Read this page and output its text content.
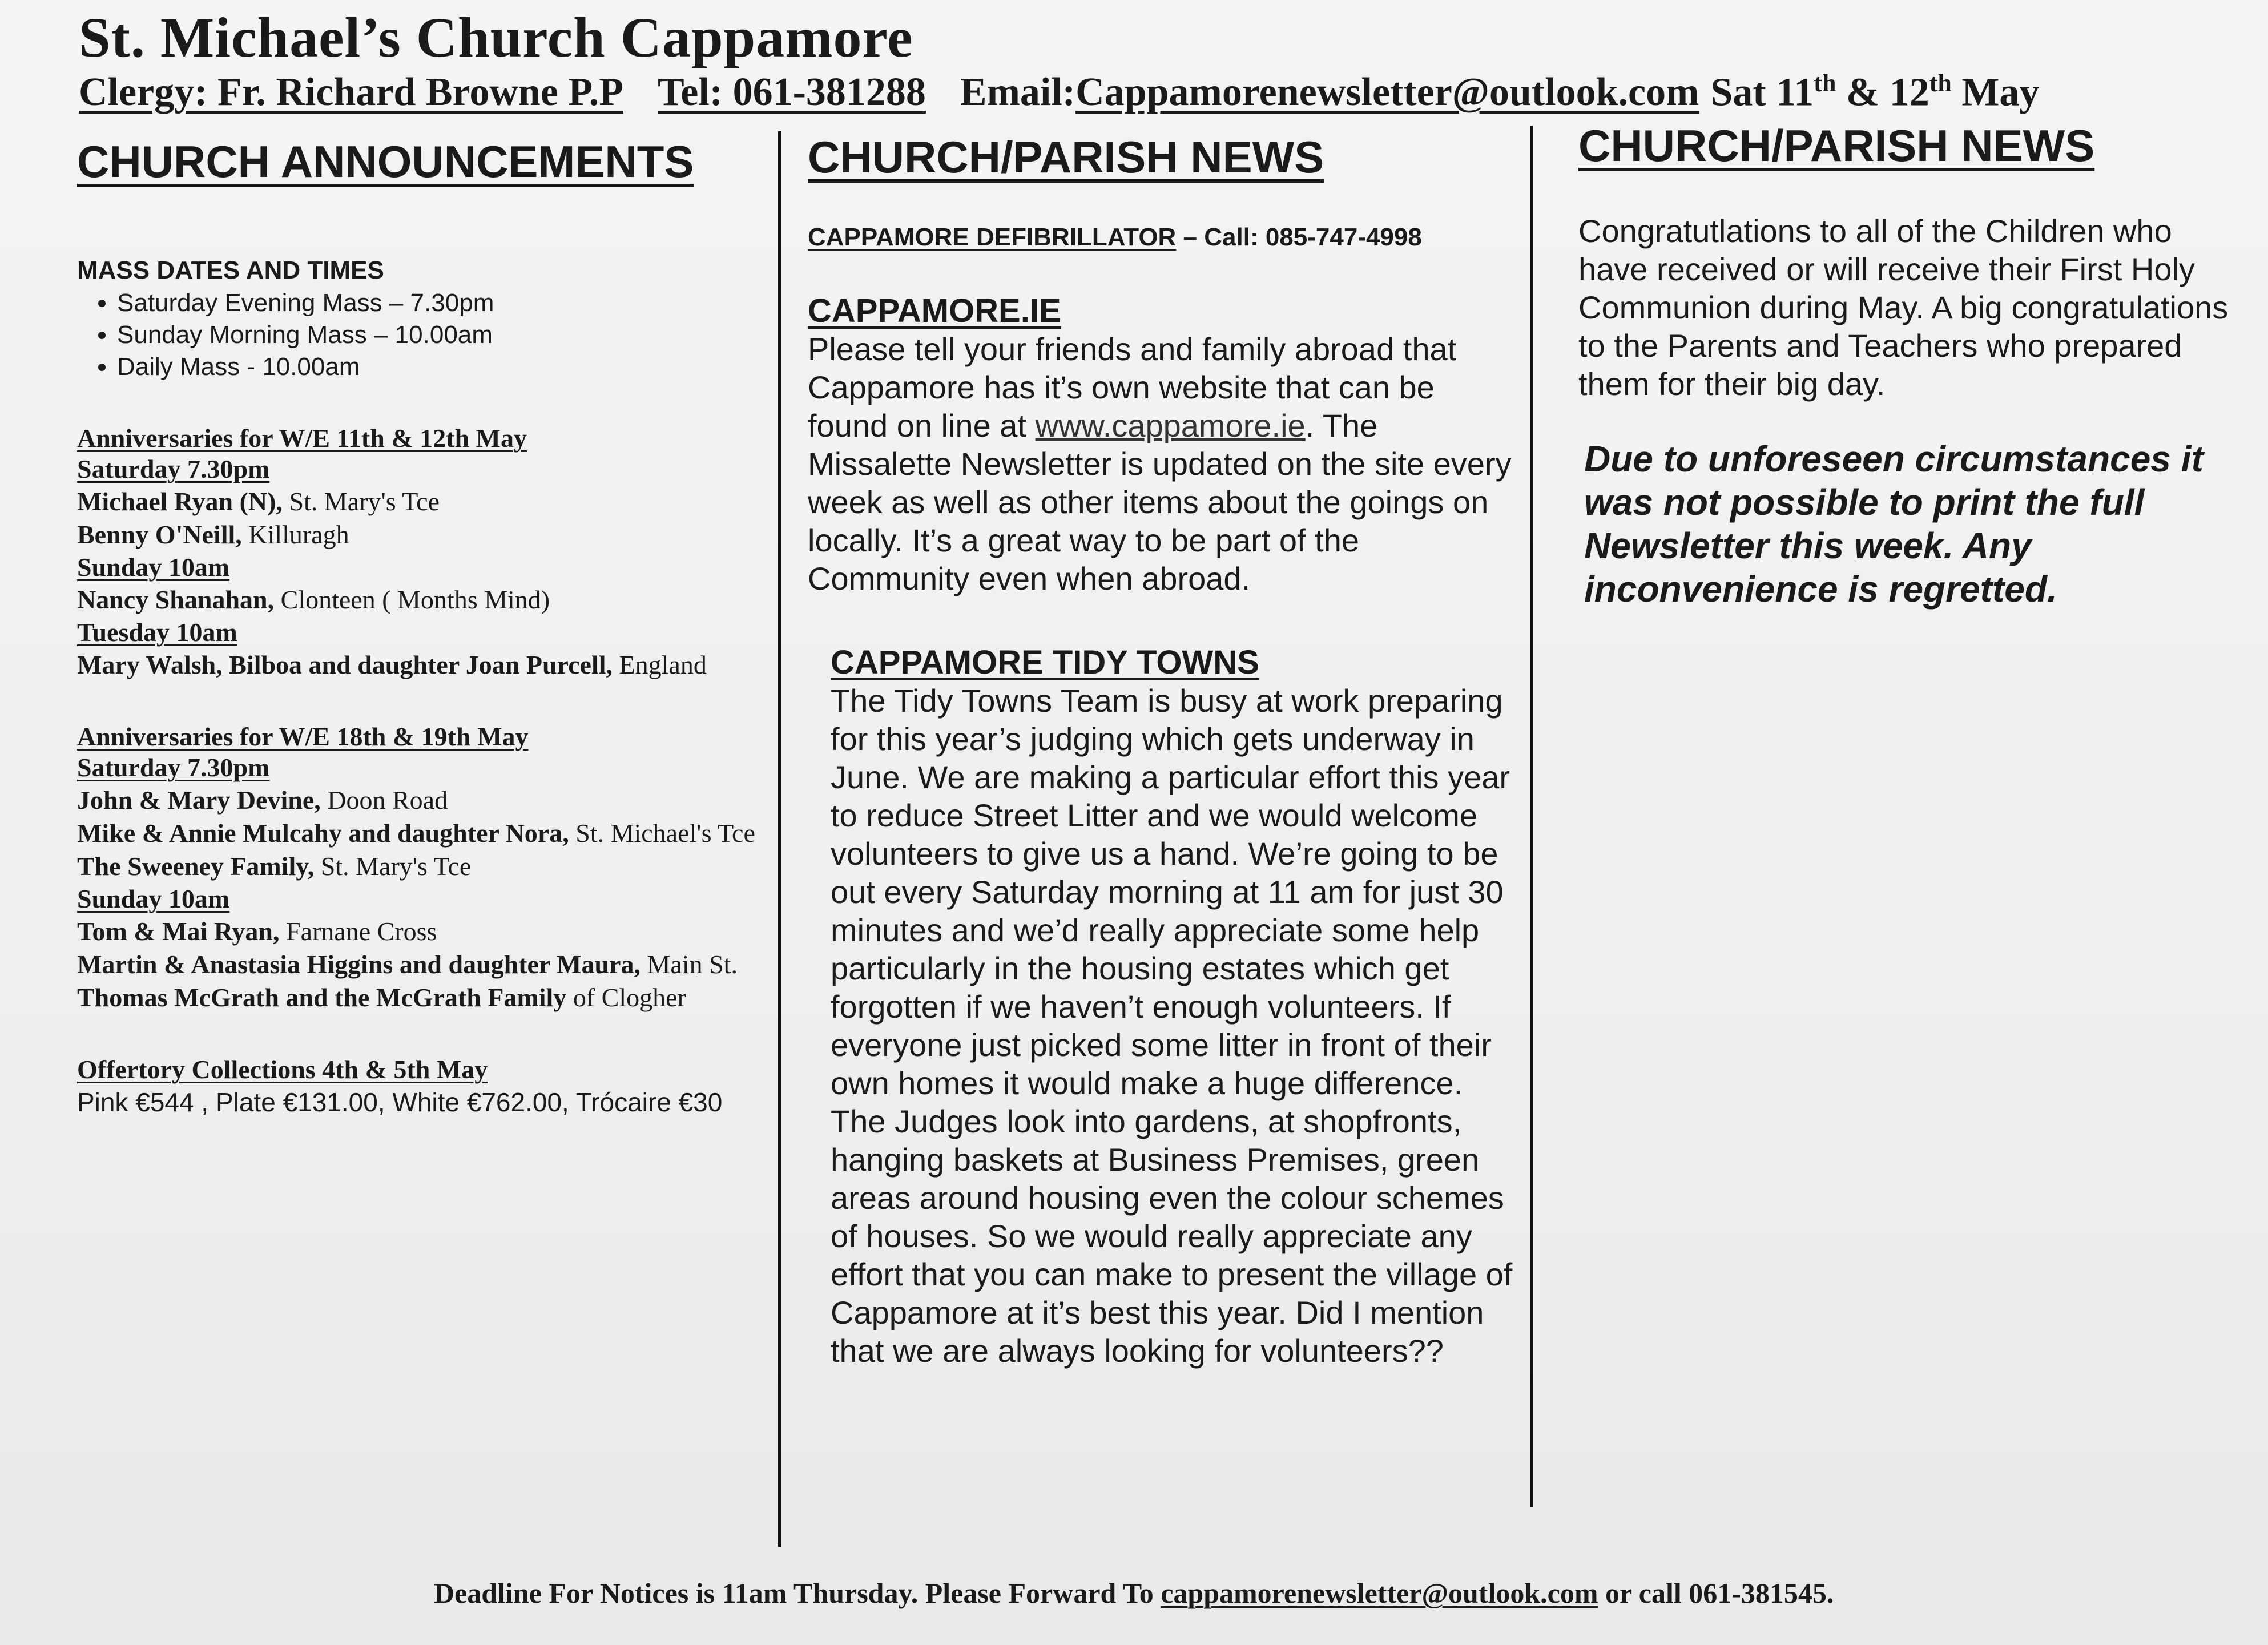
St. Michael’s Church Cappamore
Clergy: Fr. Richard Browne P.P Tel: 061-381288 Email: Cappamorenewsletter@outlook.com Sat 11th & 12th May
CHURCH ANNOUNCEMENTS
MASS DATES AND TIMES
• Saturday Evening Mass – 7.30pm
• Sunday Morning Mass – 10.00am
• Daily Mass - 10.00am
Anniversaries for W/E 11th & 12th May
Saturday 7.30pm
Michael Ryan (N), St. Mary's Tce
Benny O'Neill, Killuragh
Sunday 10am
Nancy Shanahan, Clonteen ( Months Mind)
Tuesday 10am
Mary Walsh, Bilboa and daughter Joan Purcell, England
Anniversaries for W/E 18th & 19th May
Saturday 7.30pm
John & Mary Devine, Doon Road
Mike & Annie Mulcahy and daughter Nora, St. Michael's Tce
The Sweeney Family, St. Mary's Tce
Sunday 10am
Tom & Mai Ryan, Farnane Cross
Martin & Anastasia Higgins and daughter Maura, Main St.
Thomas McGrath and the McGrath Family of Clogher
Offertory Collections 4th & 5th May
Pink €544 , Plate €131.00, White €762.00, Trócaire €30
CHURCH/PARISH NEWS
CAPPAMORE DEFIBRILLATOR – Call: 085-747-4998
CAPPAMORE.IE
Please tell your friends and family abroad that Cappamore has it’s own website that can be found on line at www.cappamore.ie. The Missalette Newsletter is updated on the site every week as well as other items about the goings on locally. It’s a great way to be part of the Community even when abroad.
CAPPAMORE TIDY TOWNS
The Tidy Towns Team is busy at work preparing for this year’s judging which gets underway in June. We are making a particular effort this year to reduce Street Litter and we would welcome volunteers to give us a hand. We’re going to be out every Saturday morning at 11 am for just 30 minutes and we’d really appreciate some help particularly in the housing estates which get forgotten if we haven’t enough volunteers. If everyone just picked some litter in front of their own homes it would make a huge difference. The Judges look into gardens, at shopfronts, hanging baskets at Business Premises, green areas around housing even the colour schemes of houses. So we would really appreciate any effort that you can make to present the village of Cappamore at it’s best this year. Did I mention that we are always looking for volunteers??
CHURCH/PARISH NEWS
Congratutlations to all of the Children who have received or will receive their First Holy Communion during May. A big congratulations to the Parents and Teachers who prepared them for their big day.
Due to unforeseen circumstances it was not possible to print the full Newsletter this week. Any inconvenience is regretted.
Deadline For Notices is 11am Thursday. Please Forward To cappamorenewsletter@outlook.com or call 061-381545.
